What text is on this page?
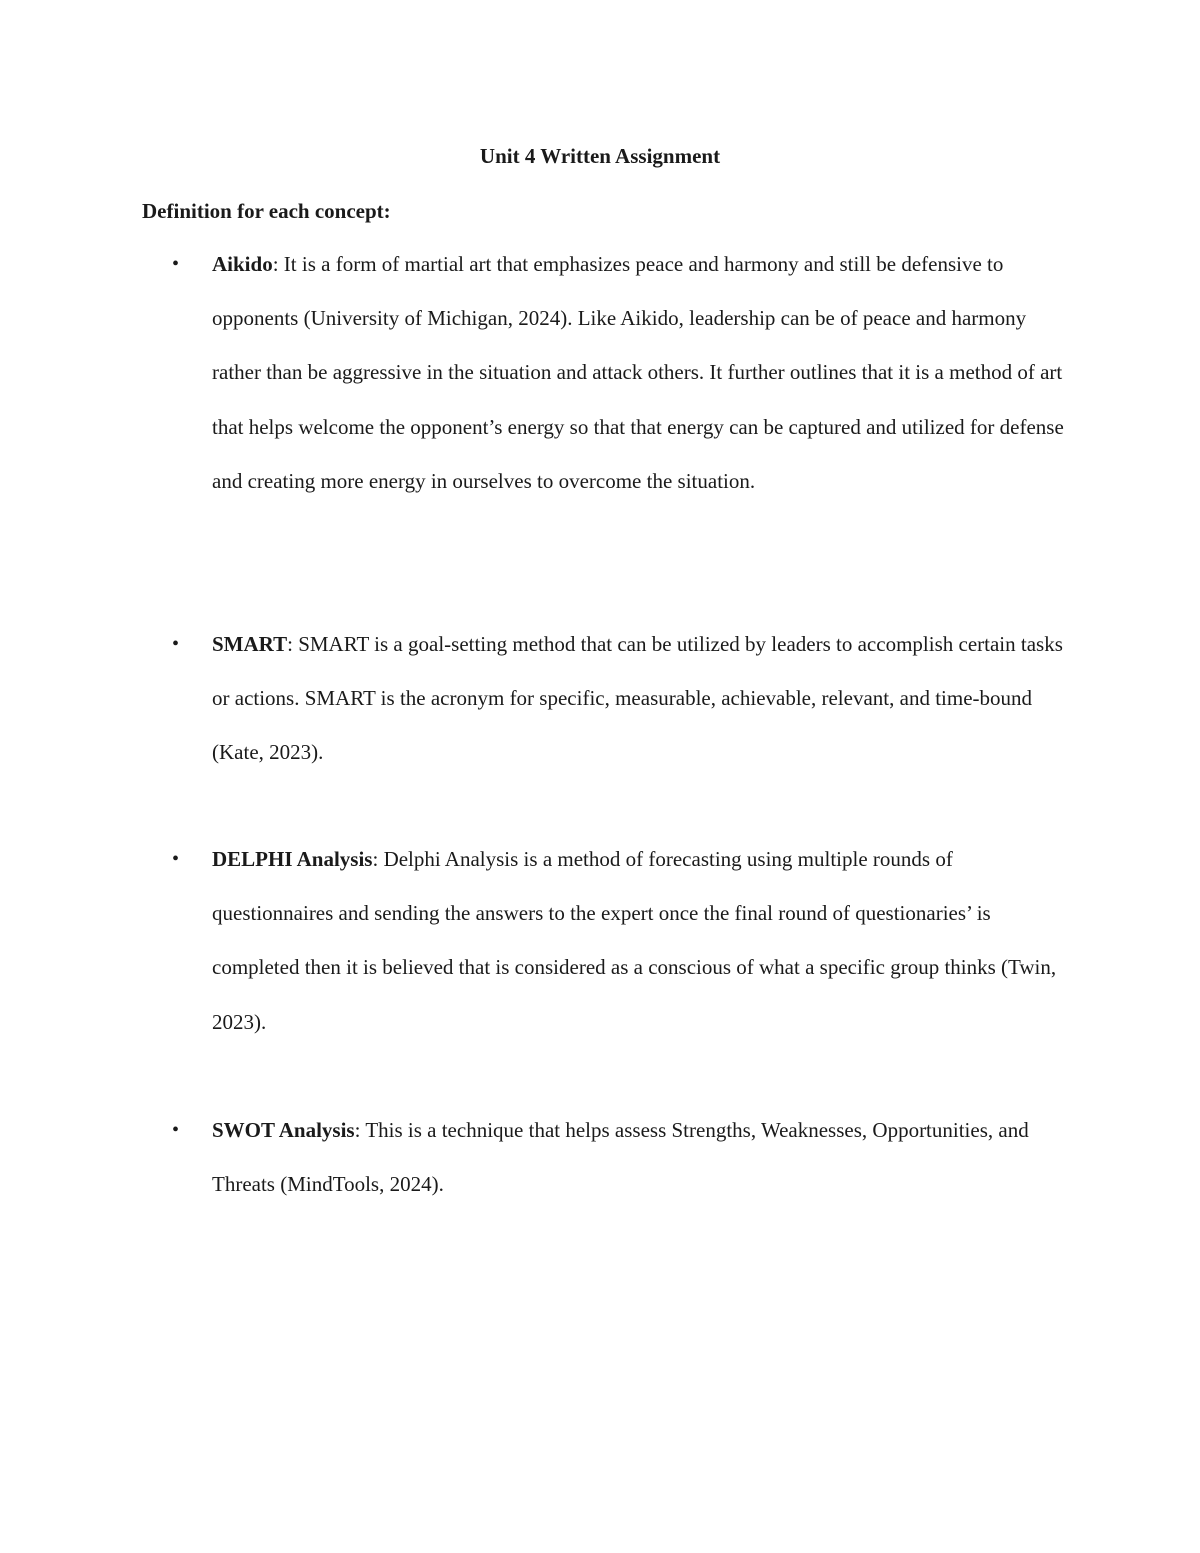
Unit 4 Written Assignment
Definition for each concept:
• Aikido: It is a form of martial art that emphasizes peace and harmony and still be defensive to opponents (University of Michigan, 2024). Like Aikido, leadership can be of peace and harmony rather than be aggressive in the situation and attack others. It further outlines that it is a method of art that helps welcome the opponent’s energy so that that energy can be captured and utilized for defense and creating more energy in ourselves to overcome the situation.
• SMART: SMART is a goal-setting method that can be utilized by leaders to accomplish certain tasks or actions. SMART is the acronym for specific, measurable, achievable, relevant, and time-bound (Kate, 2023).
• DELPHI Analysis: Delphi Analysis is a method of forecasting using multiple rounds of questionnaires and sending the answers to the expert once the final round of questionaries’ is completed then it is believed that is considered as a conscious of what a specific group thinks (Twin, 2023).
• SWOT Analysis: This is a technique that helps assess Strengths, Weaknesses, Opportunities, and Threats (MindTools, 2024).
